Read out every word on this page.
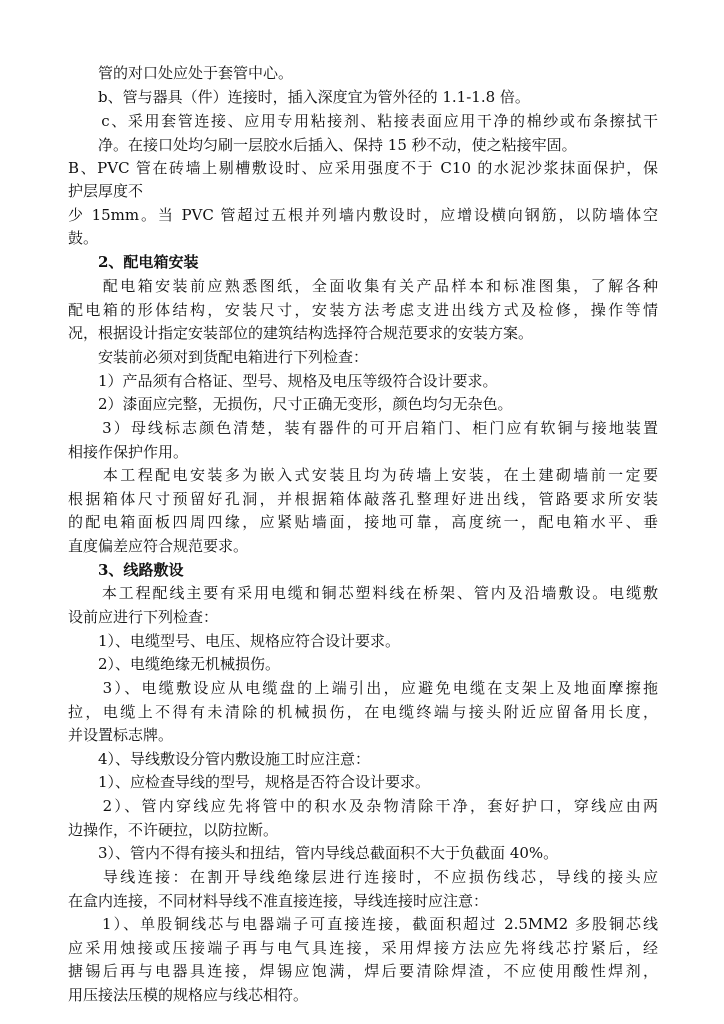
　　管的对口处应处于套管中心。
　　b、管与器具（件）连接时，插入深度宜为管外径的 1.1-1.8 倍。
　　c、采用套管连接、应用专用粘接剂、粘接表面应用干净的棉纱或布条擦拭干
　　净。在接口处均匀刷一层胶水后插入、保持 15 秒不动，使之粘接牢固。
B、PVC 管在砖墙上剔槽敷设时、应采用强度不于 C10 的水泥沙浆抹面保护，保
护层厚度不
少 15mm。当 PVC 管超过五根并列墙内敷设时，应增设横向钢筋，以防墙体空
鼓。
　　2、配电箱安装
　　配电箱安装前应熟悉图纸，全面收集有关产品样本和标准图集，了解各种
配电箱的形体结构，安装尺寸，安装方法考虑支进出线方式及检修，操作等情
况，根据设计指定安装部位的建筑结构选择符合规范要求的安装方案。
　　安装前必须对到货配电箱进行下列检查：
　　1）产品须有合格证、型号、规格及电压等级符合设计要求。
　　2）漆面应完整，无损伤，尺寸正确无变形，颜色均匀无杂色。
　　3）母线标志颜色清楚，装有器件的可开启箱门、柜门应有软铜与接地装置
相接作保护作用。
　　本工程配电安装多为嵌入式安装且均为砖墙上安装，在土建砌墙前一定要
根据箱体尺寸预留好孔洞，并根据箱体敲落孔整理好进出线，管路要求所安装
的配电箱面板四周四缘，应紧贴墙面，接地可靠，高度统一，配电箱水平、垂
直度偏差应符合规范要求。
　　3、线路敷设
　　本工程配线主要有采用电缆和铜芯塑料线在桥架、管内及沿墙敷设。电缆敷
设前应进行下列检查：
　　1）、电缆型号、电压、规格应符合设计要求。
　　2）、电缆绝缘无机械损伤。
　　3）、电缆敷设应从电缆盘的上端引出，应避免电缆在支架上及地面摩擦拖
拉，电缆上不得有未清除的机械损伤，在电缆终端与接头附近应留备用长度，
并设置标志牌。
　　4）、导线敷设分管内敷设施工时应注意：
　　1）、应检查导线的型号，规格是否符合设计要求。
　　2）、管内穿线应先将管中的积水及杂物清除干净，套好护口，穿线应由两
边操作，不许硬拉，以防拉断。
　　3）、管内不得有接头和扭结，管内导线总截面积不大于负截面 40%。
　　导线连接：在割开导线绝缘层进行连接时，不应损伤线芯，导线的接头应
在盒内连接，不同材料导线不准直接连接，导线连接时应注意：
　　1）、单股铜线芯与电器端子可直接连接，截面积超过 2.5MM2 多股铜芯线
应采用烛接或压接端子再与电气具连接，采用焊接方法应先将线芯拧紧后，经
搪锡后再与电器具连接，焊锡应饱满，焊后要清除焊渣，不应使用酸性焊剂，
用压接法压模的规格应与线芯相符。
